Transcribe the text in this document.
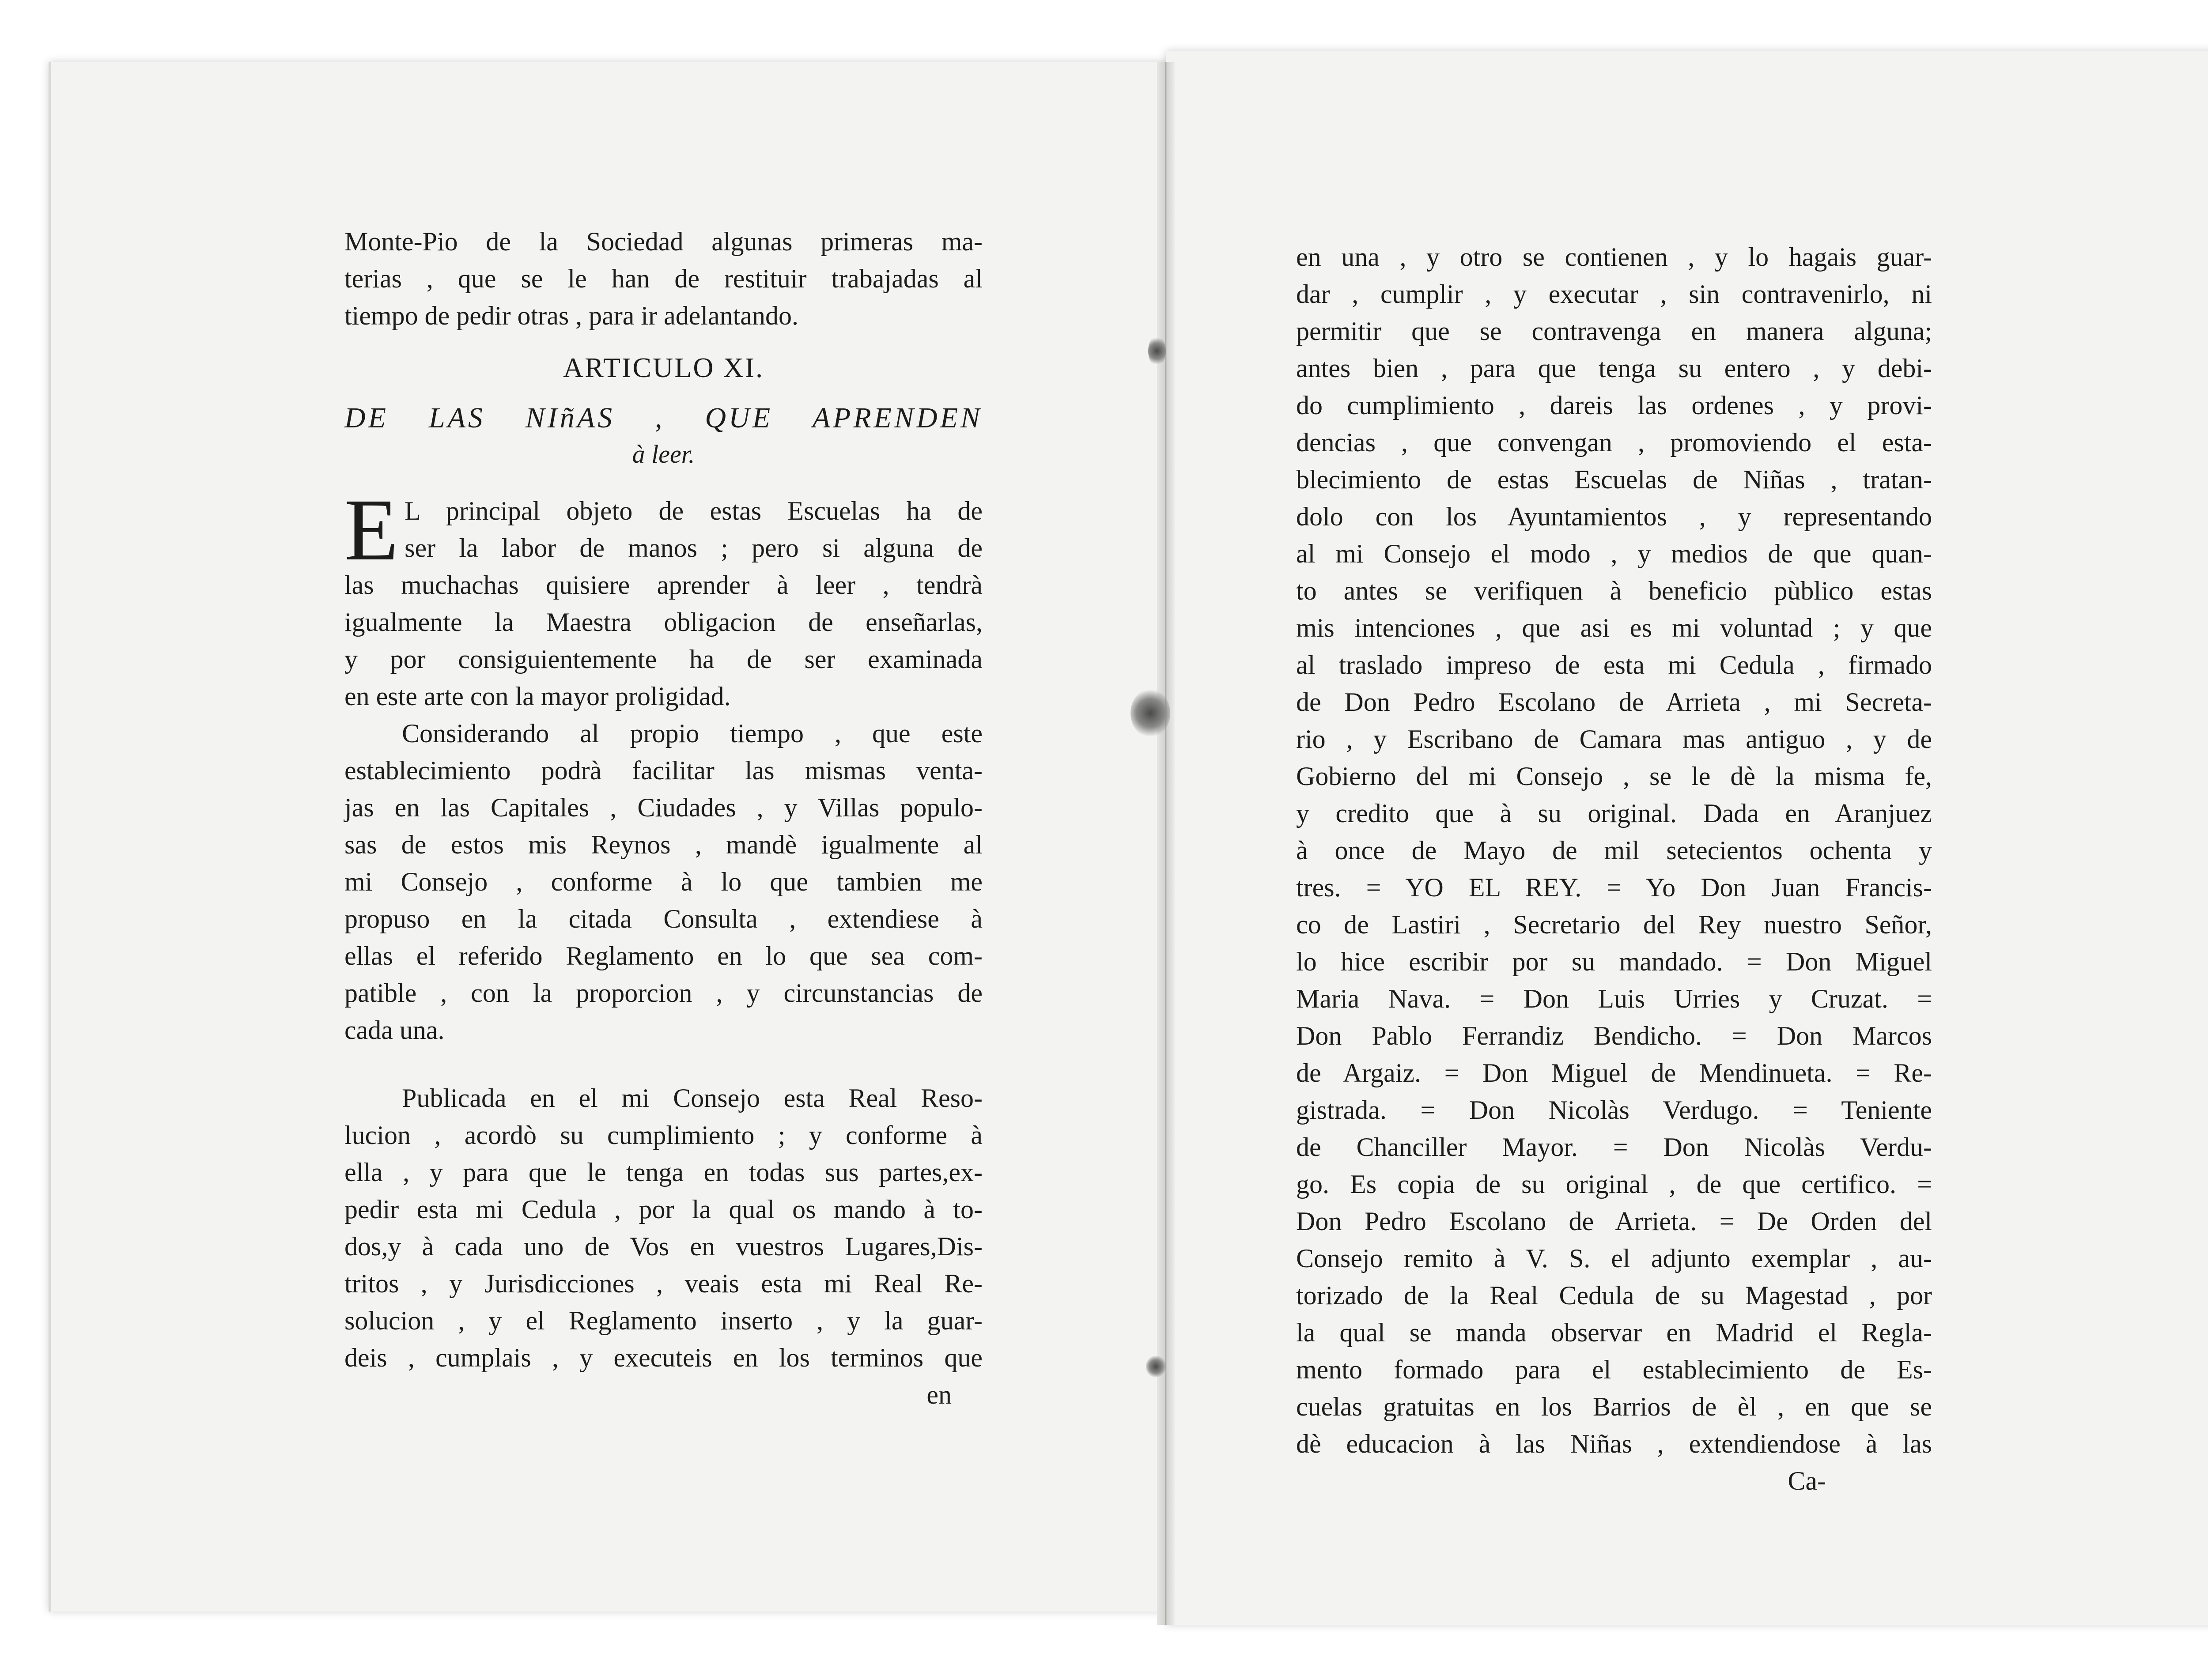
Monte-Pio de la Sociedad algunas primeras ma-
terias , que se le han de restituir trabajadas al
tiempo de pedir otras , para ir adelantando.
ARTICULO XI.
DE LAS NIñAS , QUE APRENDEN
à leer.
E L principal objeto de estas Escuelas ha de
ser la labor de manos ; pero si alguna de
las muchachas quisiere aprender à leer , tendrà
igualmente la Maestra obligacion de enseñarlas,
y por consiguientemente ha de ser examinada
en este arte con la mayor proligidad.
Considerando al propio tiempo , que este
establecimiento podrà facilitar las mismas venta-
jas en las Capitales , Ciudades , y Villas populo-
sas de estos mis Reynos , mandè igualmente al
mi Consejo , conforme à lo que tambien me
propuso en la citada Consulta , extendiese à
ellas el referido Reglamento en lo que sea com-
patible , con la proporcion , y circunstancias de
cada una.
Publicada en el mi Consejo esta Real Reso-
lucion , acordò su cumplimiento ; y conforme à
ella , y para que le tenga en todas sus partes,ex-
pedir esta mi Cedula , por la qual os mando à to-
dos,y à cada uno de Vos en vuestros Lugares,Dis-
tritos , y Jurisdicciones , veais esta mi Real Re-
solucion , y el Reglamento inserto , y la guar-
deis , cumplais , y executeis en los terminos que
en
en una , y otro se contienen , y lo hagais guar-
dar , cumplir , y executar , sin contravenirlo, ni
permitir que se contravenga en manera alguna;
antes bien , para que tenga su entero , y debi-
do cumplimiento , dareis las ordenes , y provi-
dencias , que convengan , promoviendo el esta-
blecimiento de estas Escuelas de Niñas , tratan-
dolo con los Ayuntamientos , y representando
al mi Consejo el modo , y medios de que quan-
to antes se verifiquen à beneficio pùblico estas
mis intenciones , que asi es mi voluntad ; y que
al traslado impreso de esta mi Cedula , firmado
de Don Pedro Escolano de Arrieta , mi Secreta-
rio , y Escribano de Camara mas antiguo , y de
Gobierno del mi Consejo , se le dè la misma fe,
y credito que à su original. Dada en Aranjuez
à once de Mayo de mil setecientos ochenta y
tres. = YO EL REY. = Yo Don Juan Francis-
co de Lastiri , Secretario del Rey nuestro Señor,
lo hice escribir por su mandado. = Don Miguel
Maria Nava. = Don Luis Urries y Cruzat. =
Don Pablo Ferrandiz Bendicho. = Don Marcos
de Argaiz. = Don Miguel de Mendinueta. = Re-
gistrada. = Don Nicolàs Verdugo. = Teniente
de Chanciller Mayor. = Don Nicolàs Verdu-
go. Es copia de su original , de que certifico. =
Don Pedro Escolano de Arrieta. = De Orden del
Consejo remito à V. S. el adjunto exemplar , au-
torizado de la Real Cedula de su Magestad , por
la qual se manda observar en Madrid el Regla-
mento formado para el establecimiento de Es-
cuelas gratuitas en los Barrios de èl , en que se
dè educacion à las Niñas , extendiendose à las
Ca-
